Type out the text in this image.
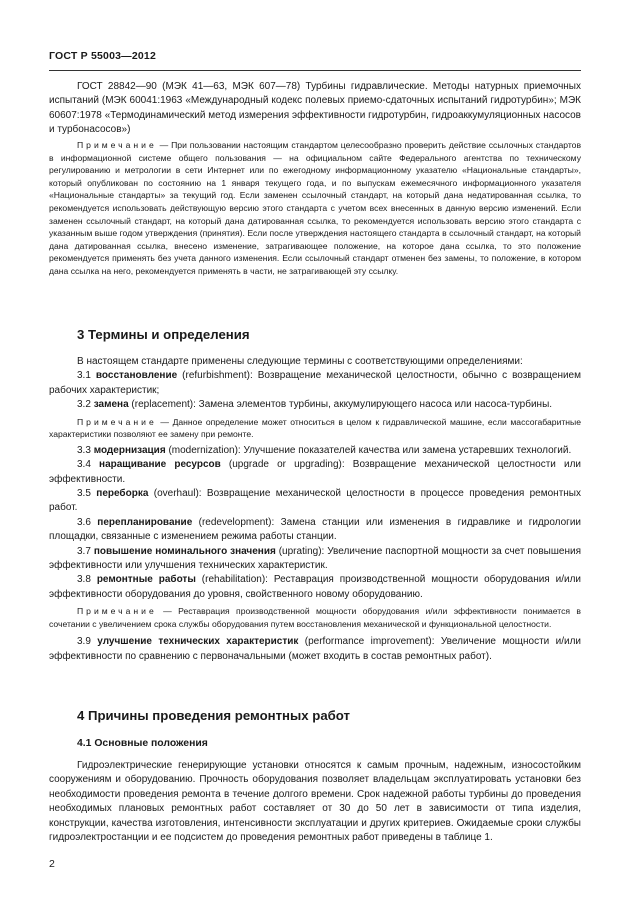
ГОСТ Р 55003—2012

ГОСТ 28842—90 (МЭК 41—63, МЭК 607—78) Турбины гидравлические. Методы натурных приемочных испытаний (МЭК 60041:1963 «Международный кодекс полевых приемо-сдаточных испытаний гидротурбин»; МЭК 60607:1978 «Термодинамический метод измерения эффективности гидротурбин, гидроаккумуляционных насосов и турбонасосов»)

Примечание — При пользовании настоящим стандартом целесообразно проверить действие ссылочных стандартов в информационной системе общего пользования — на официальном сайте Федерального агентства по техническому регулированию и метрологии в сети Интернет или по ежегодному информационному указателю «Национальные стандарты», который опубликован по состоянию на 1 января текущего года, и по выпускам ежемесячного информационного указателя «Национальные стандарты» за текущий год. Если заменен ссылочный стандарт, на который дана недатированная ссылка, то рекомендуется использовать действующую версию этого стандарта с учетом всех внесенных в данную версию изменений. Если заменен ссылочный стандарт, на который дана датированная ссылка, то рекомендуется использовать версию этого стандарта с указанным выше годом утверждения (принятия). Если после утверждения настоящего стандарта в ссылочный стандарт, на который дана датированная ссылка, внесено изменение, затрагивающее положение, на которое дана ссылка, то это положение рекомендуется применять без учета данного изменения. Если ссылочный стандарт отменен без замены, то положение, в котором дана ссылка на него, рекомендуется применять в части, не затрагивающей эту ссылку.

3 Термины и определения

В настоящем стандарте применены следующие термины с соответствующими определениями:

3.1 восстановление (refurbishment): Возвращение механической целостности, обычно с возвращением рабочих характеристик;

3.2 замена (replacement): Замена элементов турбины, аккумулирующего насоса или насоса-турбины.

Примечание — Данное определение может относиться в целом к гидравлической машине, если массогабаритные характеристики позволяют ее замену при ремонте.

3.3 модернизация (modernization): Улучшение показателей качества или замена устаревших технологий.

3.4 наращивание ресурсов (upgrade or upgrading): Возвращение механической целостности или эффективности.

3.5 переборка (overhaul): Возвращение механической целостности в процессе проведения ремонтных работ.

3.6 перепланирование (redevelopment): Замена станции или изменения в гидравлике и гидрологии площадки, связанные с изменением режима работы станции.

3.7 повышение номинального значения (uprating): Увеличение паспортной мощности за счет повышения эффективности или улучшения технических характеристик.

3.8 ремонтные работы (rehabilitation): Реставрация производственной мощности оборудования и/или эффективности оборудования до уровня, свойственного новому оборудованию.

Примечание — Реставрация производственной мощности оборудования и/или эффективности понимается в сочетании с увеличением срока службы оборудования путем восстановления механической и функциональной целостности.

3.9 улучшение технических характеристик (performance improvement): Увеличение мощности и/или эффективности по сравнению с первоначальными (может входить в состав ремонтных работ).

4 Причины проведения ремонтных работ

4.1 Основные положения

Гидроэлектрические генерирующие установки относятся к самым прочным, надежным, износостойким сооружениям и оборудованию. Прочность оборудования позволяет владельцам эксплуатировать установки без необходимости проведения ремонта в течение долгого времени. Срок надежной работы турбины до проведения необходимых плановых ремонтных работ составляет от 30 до 50 лет в зависимости от типа изделия, конструкции, качества изготовления, интенсивности эксплуатации и других критериев. Ожидаемые сроки службы гидроэлектростанции и ее подсистем до проведения ремонтных работ приведены в таблице 1.

2
